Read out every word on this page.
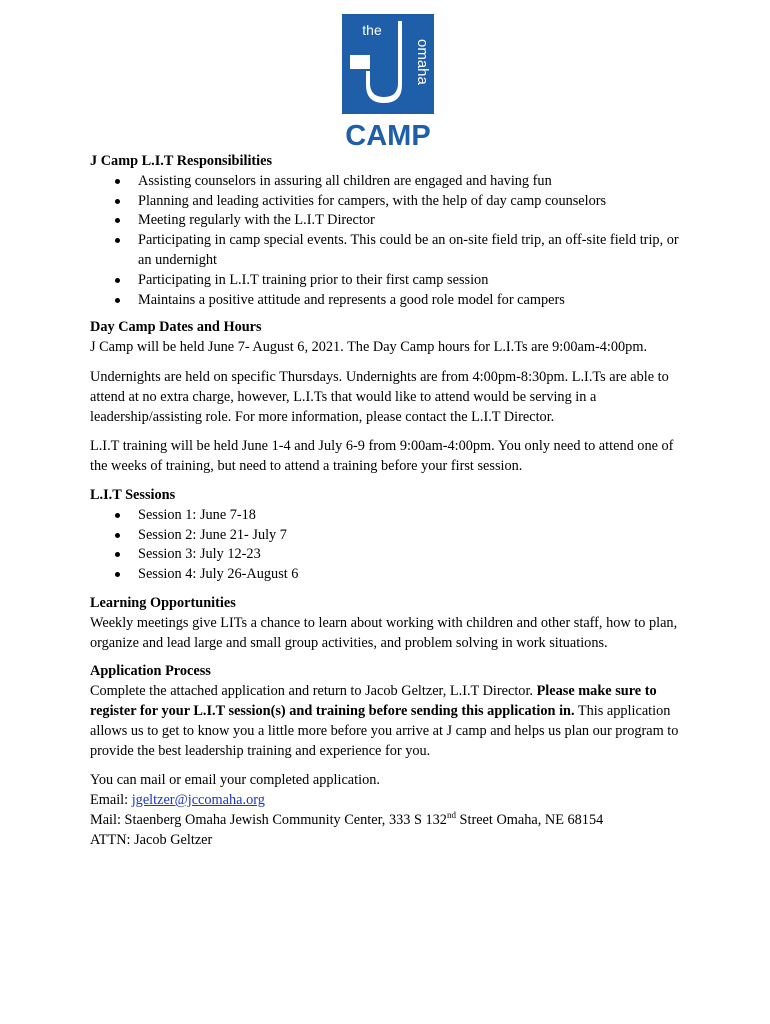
the
omaha
CAMP
J Camp L.I.T Responsibilities
Assisting counselors in assuring all children are engaged and having fun
Planning and leading activities for campers, with the help of day camp counselors
Meeting regularly with the L.I.T Director
Participating in camp special events. This could be an on-site field trip, an off-site field trip, or an undernight
Participating in L.I.T training prior to their first camp session
Maintains a positive attitude and represents a good role model for campers
Day Camp Dates and Hours

J Camp will be held June 7- August 6, 2021. The Day Camp hours for L.I.Ts are 9:00am-4:00pm.

Undernights are held on specific Thursdays. Undernights are from 4:00pm-8:30pm. L.I.Ts are able to attend at no extra charge, however, L.I.Ts that would like to attend would be serving in a leadership/assisting role. For more information, please contact the L.I.T Director.

L.I.T training will be held June 1-4 and July 6-9 from 9:00am-4:00pm. You only need to attend one of the weeks of training, but need to attend a training before your first session.

L.I.T Sessions
Session 1: June 7-18
Session 2: June 21- July 7
Session 3: July 12-23
Session 4: July 26-August 6
Learning Opportunities

Weekly meetings give LITs a chance to learn about working with children and other staff, how to plan, organize and lead large and small group activities, and problem solving in work situations.

Application Process

Complete the attached application and return to Jacob Geltzer, L.I.T Director. Please make sure to register for your L.I.T session(s) and training before sending this application in. This application allows us to get to know you a little more before you arrive at J camp and helps us plan our program to provide the best leadership training and experience for you.

You can mail or email your completed application.

Email: jgeltzer@jccomaha.org

Mail: Staenberg Omaha Jewish Community Center, 333 S 132nd Street Omaha, NE 68154

ATTN: Jacob Geltzer
